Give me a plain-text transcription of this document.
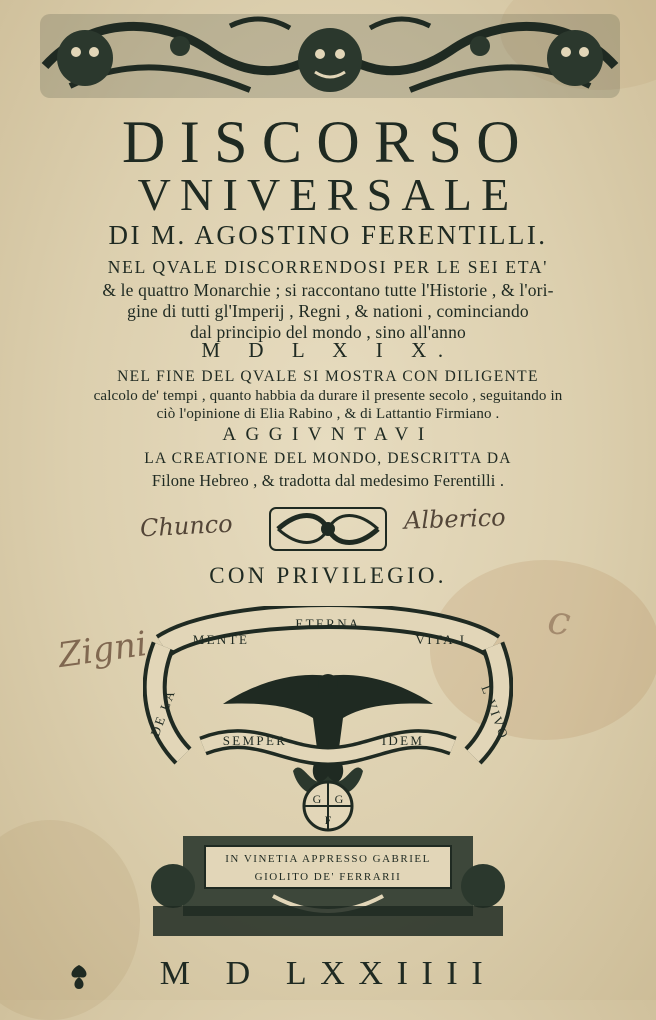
DISCORSO
VNIVERSALE
DI M. AGOSTINO FERENTILLI.
NEL QVALE DISCORRENDOSI PER LE SEI ETA'
& le quattro Monarchie ; si raccontano tutte l'Historie , & l'ori-
gine di tutti gl'Imperij , Regni , & nationi , cominciando
dal principio del mondo , sino all'anno
M D L X I X.
NEL FINE DEL QVALE SI MOSTRA CON DILIGENTE
calcolo de' tempi , quanto habbia da durare il presente secolo , seguitando in
ciò l'opinione di Elia Rabino , & di Lattantio Firmiano .
AGGIVNTAVI
LA CREATIONE DEL MONDO, DESCRITTA DA
Filone Hebreo , & tradotta dal medesimo Ferentilli .
Chunco	Alberico
CON PRIVILEGIO.
Zigni
c
ETERNA
MENTE	VITA I
DE LA	L VIVO
SEMPER	IDEM
G G
F
IN VINETIA APPRESSO GABRIEL
GIOLITO DE' FERRARII
M D LXXIIII
